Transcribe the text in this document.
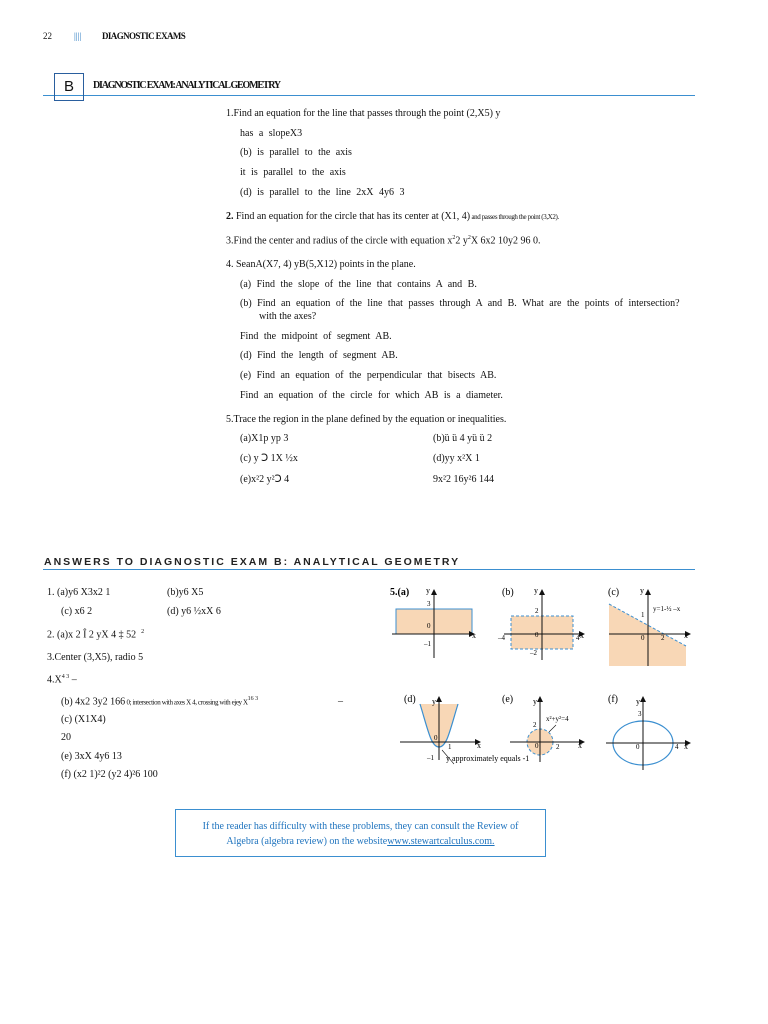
22 |||| DIAGNOSTIC EXAMS
B	DIAGNOSTIC EXAM: ANALYTICAL GEOMETRY
1.Find an equation for the line that passes through the point (2,X5) y
has a slopeX3
(b) is parallel to the axis
it is parallel to the axis
(d) is parallel to the line 2xX 4y6 3
2. Find an equation for the circle that has its center at (X1, 4) and passes through the point (3,X2).
3.Find the center and radius of the circle with equation $x^22$ $y^2X$ 6x2 10y2 96 0.
4. SeanA(X7, 4) yB(5,X12) points in the plane.
(a) Find the slope of the line that contains A and B.
(b) Find an equation of the line that passes through A and B. What are the points of intersection?
with the axes?
Find the midpoint of segment AB.
(d) Find the length of segment AB.
(e) Find an equation of the perpendicular that bisects AB.
Find an equation of the circle for which AB is a diameter.
5.Trace the region in the plane defined by the equation or inequalities.
(a)X1p yp 3	(b)ȕ ȕ 4 yȕ ȕ 2
(c) y Ↄ 1X ½x	(d)yy x²X 1
(e)x²2 y²Ↄ 4	9x²2 16y²6 144
ANSWERS TO DIAGNOSTIC EXAM B: ANALYTICAL GEOMETRY
1. (a)y6 X3x2 1	(b)y6 X5
(c) x6 2	(d) y6 ½xX 6
2. (a)x 2 Î 2 yX 4 ‡ 52 $^2$
3.Center (3,X5), radio 5
$4.X^{4 3}$ –
(b) 4x2 3y2 166 0; intersection with axes X 4, crossing with ejey $X^{16 3}$	–
(c) (X1X4)
20
(e) 3xX 4y6 13
(f) (x2 1)²2 (y2 4)²6 100
5.(a) y
x
3
0
–1
(b)	y
x
2
0
–4	4
–2
(c)	y
x
1
0 2
y=1-½ –x
(d) y
x
0
1
–1 y approximately equals -1
(e) y
x
2
0	2
x²+y²=4
(f) y
x
3
0	4
If the reader has difficulty with these problems, they can consult the Review of
Algebra (algebra review) on the websitewww.stewartcalculus.com.
